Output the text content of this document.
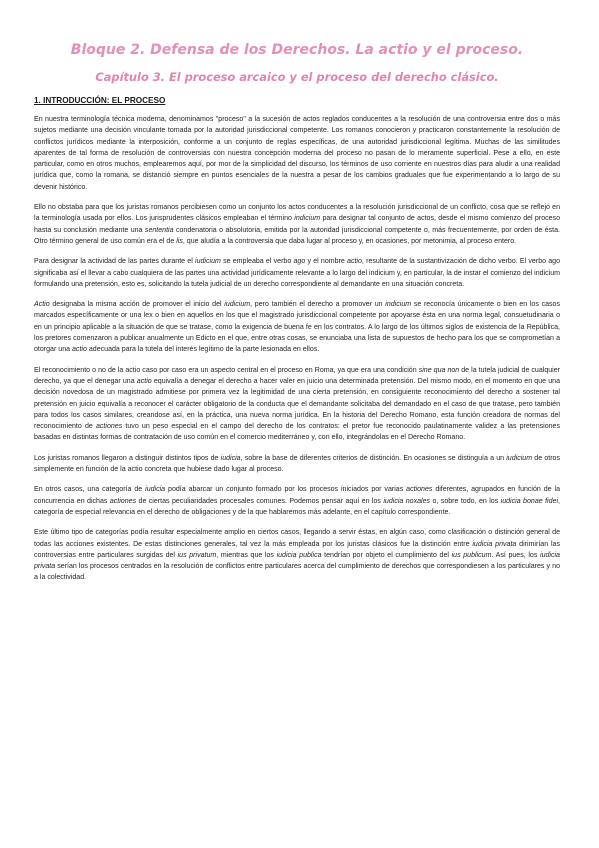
Bloque 2. Defensa de los Derechos. La actio y el proceso.
Capítulo 3. El proceso arcaico y el proceso del derecho clásico.
1. INTRODUCCIÓN: EL PROCESO

En nuestra terminología técnica moderna, denominamos "proceso" a la sucesión de actos reglados conducentes a la resolución de una controversia entre dos o más sujetos mediante una decisión vinculante tomada por la autoridad jurisdiccional competente. Los romanos conocieron y practicaron constantemente la resolución de conflictos jurídicos mediante la interposición, conforme a un conjunto de reglas específicas, de una autoridad jurisdiccional legítima. Muchas de las similitudes aparentes de tal forma de resolución de controversias con nuestra concepción moderna del proceso no pasan de lo meramente superficial. Pese a ello, en este particular, como en otros muchos, emplearemos aquí, por mor de la simplicidad del discurso, los términos de uso corriente en nuestros días para aludir a una realidad jurídica que, como la romana, se distanció siempre en puntos esenciales de la nuestra a pesar de los cambios graduales que fue experimentando a lo largo de su devenir histórico.

Ello no obstaba para que los juristas romanos percibiesen como un conjunto los actos conducentes a la resolución jurisdiccional de un conflicto, cosa que se reflejó en la terminología usada por ellos. Los jurisprudentes clásicos empleaban el término indicium para designar tal conjunto de actos, desde el mismo comienzo del proceso hasta su conclusión mediante una sententia condenatoria o absolutoria, emitida por la autoridad jurisdiccional competente o, más frecuentemente, por orden de ésta. Otro término general de uso común era el de lis, que aludía a la controversia que daba lugar al proceso y, en ocasiones, por metonimia, al proceso entero.

Para designar la actividad de las partes durante el iudicium se empleaba el verbo ago y el nombre actio, resultante de la sustantivización de dicho verbo. El verbo ago significaba así el llevar a cabo cualquiera de las partes una actividad jurídicamente relevante a lo largo del indicium y, en particular, la de instar el comienzo del indicium formulando una pretensión, esto es, solicitando la tutela judicial de un derecho correspondiente al demandante en una situación concreta.

Actio designaba la misma acción de promover el inicio del iudicium, pero también el derecho a promover un indicium se reconocía únicamente o bien en los casos marcados específicamente or una lex o bien en aquellos en los que el magistrado jurisdiccional competente por apoyarse ésta en una norma legal, consuetudinaria o en un principio aplicable a la situación de que se tratase, como la exigencia de buena fe en los contratos. A lo largo de los últimos siglos de existencia de la República, los pretores comenzaron a publicar anualmente un Edicto en el que, entre otras cosas, se enunciaba una lista de supuestos de hecho para los que se comprometían a otorgar una actio adecuada para la tutela del interés legítimo de la parte lesionada en ellos.

El reconocimiento o no de la actio caso por caso era un aspecto central en el proceso en Roma, ya que era una condición sine qua non de la tutela judicial de cualquier derecho, ya que el denegar una actio equivalía a denegar el derecho a hacer valer en juicio una determinada pretensión. Del mismo modo, en el momento en que una decisión novedosa de un magistrado admitiese por primera vez la legitimidad de una cierta pretensión, en consiguiente reconocimiento del derecho a sostener tal pretensión en juicio equivalía a reconocer el carácter obligatorio de la conducta que el demandante solicitaba del demandado en el caso de que tratase, pero también para todos los casos similares, creandose así, en la práctica, una nueva norma jurídica. En la historia del Derecho Romano, esta función creadora de normas del reconocimiento de actiones tuvo un peso especial en el campo del derecho de los contratos: el pretor fue reconocido paulatinamente validez a las pretensiones basadas en distintas formas de contratación de uso común en el comercio mediterráneo y, con ello, integrándolas en el Derecho Romano.

Los juristas romanos llegaron a distinguir distintos tipos de iudicia, sobre la base de diferentes criterios de distinción. En ocasiones se distinguía a un iudicium de otros simplemente en función de la actio concreta que hubiese dado lugar al proceso.

En otros casos, una categoría de iudicia podía abarcar un conjunto formado por los procesos iniciados por varias actiones diferentes, agrupados en función de la concurrencia en dichas actiones de ciertas peculiaridades procesales comunes. Podemos pensar aquí en los iudicia noxales o, sobre todo, en los iudicia bonae fidei, categoría de especial relevancia en el derecho de obligaciones y de la que hablaremos más adelante, en el capítulo correspondiente.

Este último tipo de categorías podía resultar especialmente amplio en ciertos casos, llegando a servir éstas, en algún caso, como clasificación o distinción general de todas las acciones existentes. De estas distinciones generales, tal vez la más empleada por los juristas clásicos fue la distinción entre iudicia privata dirimirían las controversias entre particulares surgidas del ius privatum, mientras que los iudicia publica tendrían por objeto el cumplimiento del ius publicum. Así pues, los iudicia privata serían los procesos centrados en la resolución de conflictos entre particulares acerca del cumplimiento de derechos que correspondiesen a los particulares y no a la colectividad.
